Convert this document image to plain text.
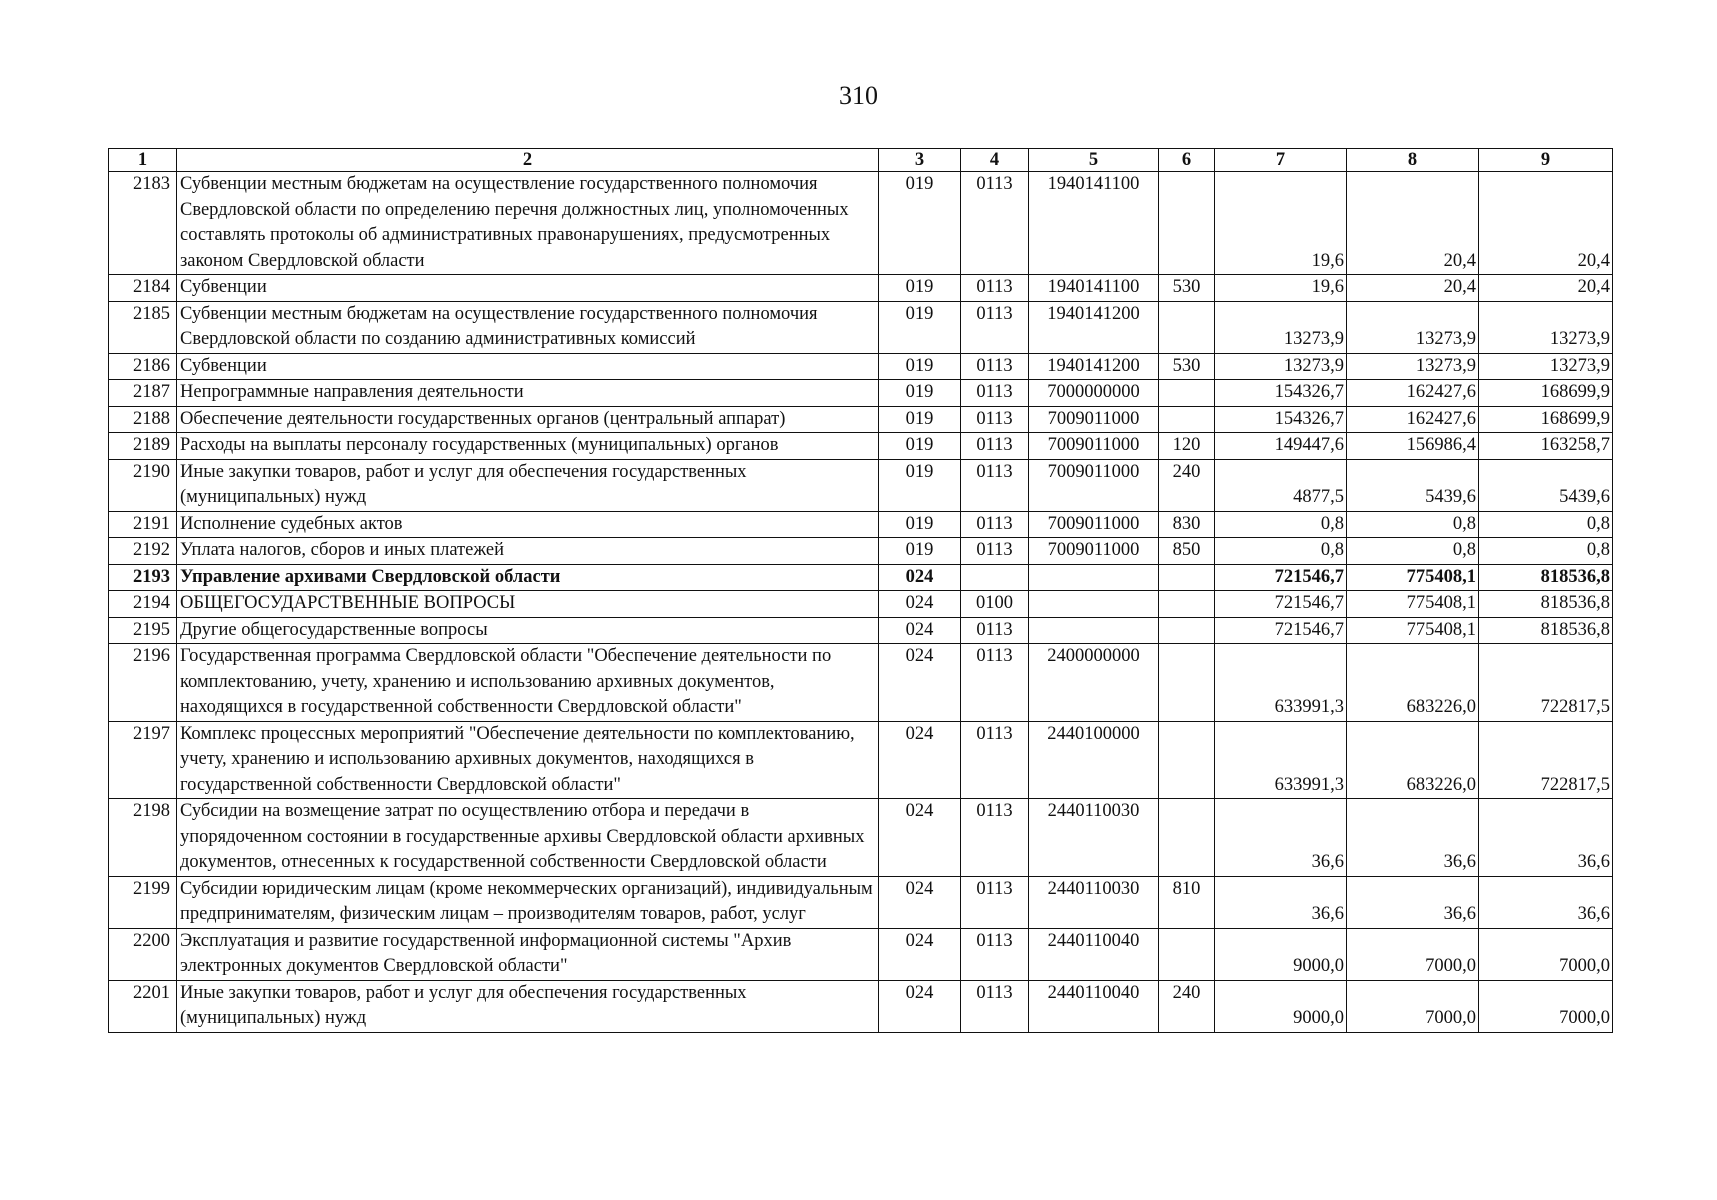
310
1	2	3	4	5	6	7	8	9
2183	Субвенции местным бюджетам на осуществление государственного полномочия Свердловской области по определению перечня должностных лиц, уполномоченных составлять протоколы об административных правонарушениях, предусмотренных законом Свердловской области	019	0113	1940141100		19,6	20,4	20,4
2184	Субвенции	019	0113	1940141100	530	19,6	20,4	20,4
2185	Субвенции местным бюджетам на осуществление государственного полномочия Свердловской области по созданию административных комиссий	019	0113	1940141200		13273,9	13273,9	13273,9
2186	Субвенции	019	0113	1940141200	530	13273,9	13273,9	13273,9
2187	Непрограммные направления деятельности	019	0113	7000000000		154326,7	162427,6	168699,9
2188	Обеспечение деятельности государственных органов (центральный аппарат)	019	0113	7009011000		154326,7	162427,6	168699,9
2189	Расходы на выплаты персоналу государственных (муниципальных) органов	019	0113	7009011000	120	149447,6	156986,4	163258,7
2190	Иные закупки товаров, работ и услуг для обеспечения государственных (муниципальных) нужд	019	0113	7009011000	240	4877,5	5439,6	5439,6
2191	Исполнение судебных актов	019	0113	7009011000	830	0,8	0,8	0,8
2192	Уплата налогов, сборов и иных платежей	019	0113	7009011000	850	0,8	0,8	0,8
2193	Управление архивами Свердловской области	024				721546,7	775408,1	818536,8
2194	ОБЩЕГОСУДАРСТВЕННЫЕ ВОПРОСЫ	024	0100			721546,7	775408,1	818536,8
2195	Другие общегосударственные вопросы	024	0113			721546,7	775408,1	818536,8
2196	Государственная программа Свердловской области "Обеспечение деятельности по комплектованию, учету, хранению и использованию архивных документов, находящихся в государственной собственности Свердловской области"	024	0113	2400000000		633991,3	683226,0	722817,5
2197	Комплекс процессных мероприятий "Обеспечение деятельности по комплектованию, учету, хранению и использованию архивных документов, находящихся в государственной собственности Свердловской области"	024	0113	2440100000		633991,3	683226,0	722817,5
2198	Субсидии на возмещение затрат по осуществлению отбора и передачи в упорядоченном состоянии в государственные архивы Свердловской области архивных документов, отнесенных к государственной собственности Свердловской области	024	0113	2440110030		36,6	36,6	36,6
2199	Субсидии юридическим лицам (кроме некоммерческих организаций), индивидуальным предпринимателям, физическим лицам – производителям товаров, работ, услуг	024	0113	2440110030	810	36,6	36,6	36,6
2200	Эксплуатация и развитие государственной информационной системы "Архив электронных документов Свердловской области"	024	0113	2440110040		9000,0	7000,0	7000,0
2201	Иные закупки товаров, работ и услуг для обеспечения государственных (муниципальных) нужд	024	0113	2440110040	240	9000,0	7000,0	7000,0
